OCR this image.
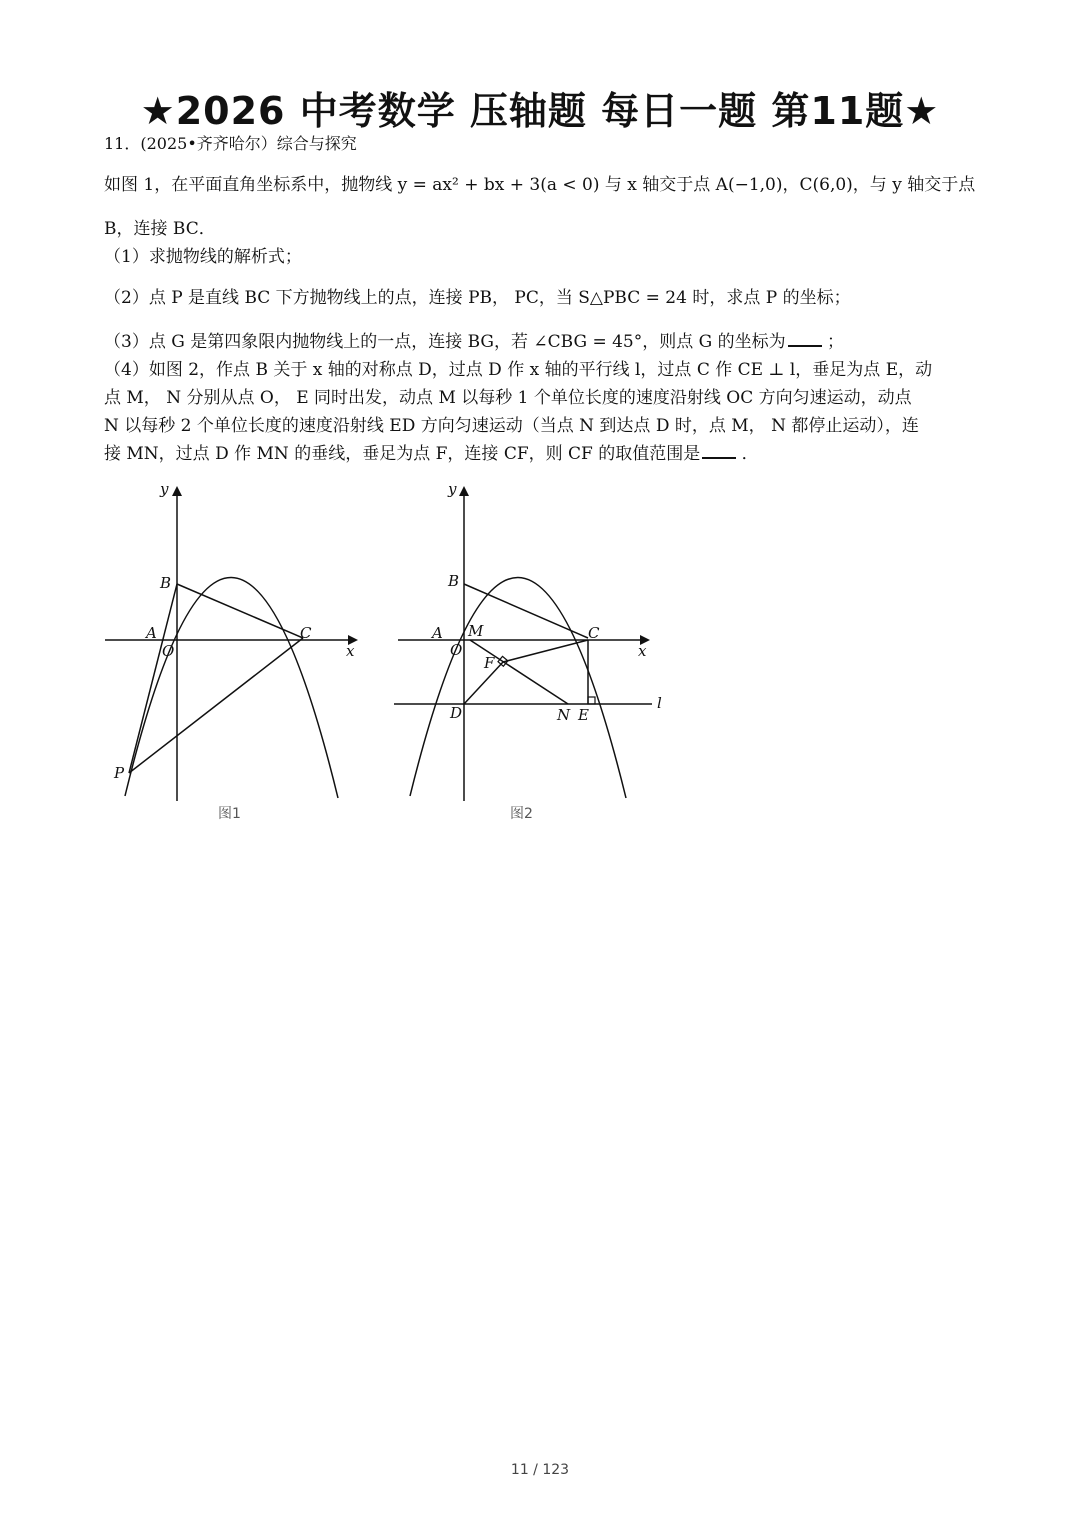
★2026 中考数学 压轴题 每日一题 第11题★
11．(2025•齐齐哈尔）综合与探究
如图 1，在平面直角坐标系中，抛物线 y = ax² + bx + 3(a < 0) 与 x 轴交于点 A(−1,0)，C(6,0)，与 y 轴交于点
B，连接 BC．
（1）求抛物线的解析式；
（2）点 P 是直线 BC 下方抛物线上的点，连接 PB， PC，当 S△PBC = 24 时，求点 P 的坐标；
（3）点 G 是第四象限内抛物线上的一点，连接 BG，若 ∠CBG = 45°，则点 G 的坐标为 ；
（4）如图 2，作点 B 关于 x 轴的对称点 D，过点 D 作 x 轴的平行线 l，过点 C 作 CE ⊥ l，垂足为点 E，动
点 M， N 分别从点 O， E 同时出发，动点 M 以每秒 1 个单位长度的速度沿射线 OC 方向匀速运动，动点
N 以每秒 2 个单位长度的速度沿射线 ED 方向匀速运动（当点 N 到达点 D 时，点 M， N 都停止运动），连
接 MN，过点 D 作 MN 的垂线，垂足为点 F，连接 CF，则 CF 的取值范围是 ．
B
A
O
C
x
y
P
图1
B
A
O
M	C
x
y
F
D	N E
l
图2
11 / 123
